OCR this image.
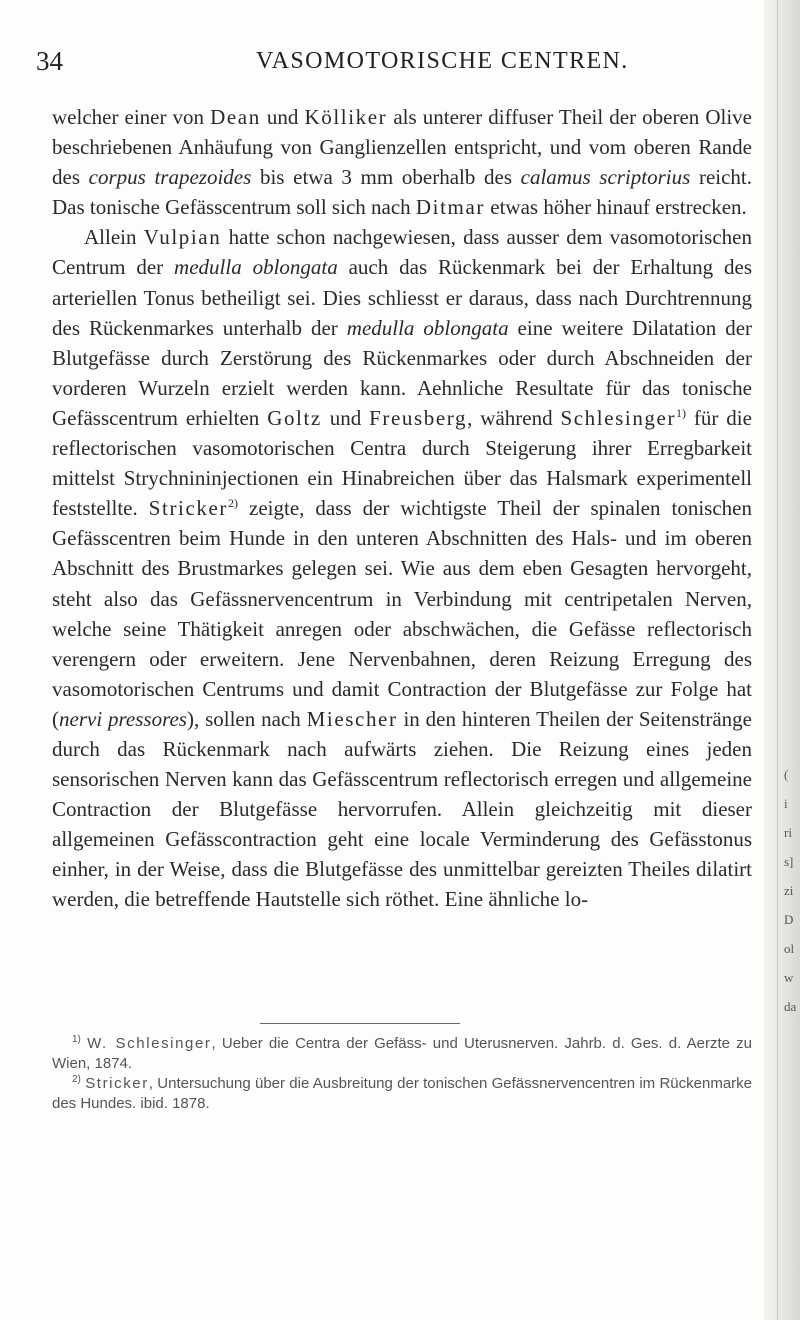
(
i
ri
s]
zi
D
ol
w
da
34	VASOMOTORISCHE CENTREN.

welcher einer von Dean und Kölliker als unterer diffuser Theil der oberen Olive beschriebenen Anhäufung von Ganglienzellen entspricht, und vom oberen Rande des corpus trapezoides bis etwa 3 mm oberhalb des calamus scriptorius reicht. Das tonische Gefässcentrum soll sich nach Ditmar etwas höher hinauf erstrecken.

Allein Vulpian hatte schon nachgewiesen, dass ausser dem vasomotorischen Centrum der medulla oblongata auch das Rückenmark bei der Erhaltung des arteriellen Tonus betheiligt sei. Dies schliesst er daraus, dass nach Durchtrennung des Rückenmarkes unterhalb der medulla oblongata eine weitere Dilatation der Blutgefässe durch Zerstörung des Rückenmarkes oder durch Abschneiden der vorderen Wurzeln erzielt werden kann. Aehnliche Resultate für das tonische Gefässcentrum erhielten Goltz und Freusberg, während Schlesinger$^{1)}$ für die reflectorischen vasomotorischen Centra durch Steigerung ihrer Erregbarkeit mittelst Strychnininjectionen ein Hinabreichen über das Halsmark experimentell feststellte. Stricker$^{2)}$ zeigte, dass der wichtigste Theil der spinalen tonischen Gefässcentren beim Hunde in den unteren Abschnitten des Hals- und im oberen Abschnitt des Brustmarkes gelegen sei. Wie aus dem eben Gesagten hervorgeht, steht also das Gefässnervencentrum in Verbindung mit centripetalen Nerven, welche seine Thätigkeit anregen oder abschwächen, die Gefässe reflectorisch verengern oder erweitern. Jene Nervenbahnen, deren Reizung Erregung des vasomotorischen Centrums und damit Contraction der Blutgefässe zur Folge hat (nervi pressores), sollen nach Miescher in den hinteren Theilen der Seitenstränge durch das Rückenmark nach aufwärts ziehen. Die Reizung eines jeden sensorischen Nerven kann das Gefässcentrum reflectorisch erregen und allgemeine Contraction der Blutgefässe hervorrufen. Allein gleichzeitig mit dieser allgemeinen Gefässcontraction geht eine locale Verminderung des Gefässtonus einher, in der Weise, dass die Blutgefässe des unmittelbar gereizten Theiles dilatirt werden, die betreffende Hautstelle sich röthet. Eine ähnliche lo-

$^{1)}$ W. Schlesinger, Ueber die Centra der Gefäss- und Uterusnerven. Jahrb. d. Ges. d. Aerzte zu Wien, 1874.

$^{2)}$ Stricker, Untersuchung über die Ausbreitung der tonischen Gefässnervencentren im Rückenmarke des Hundes. ibid. 1878.
